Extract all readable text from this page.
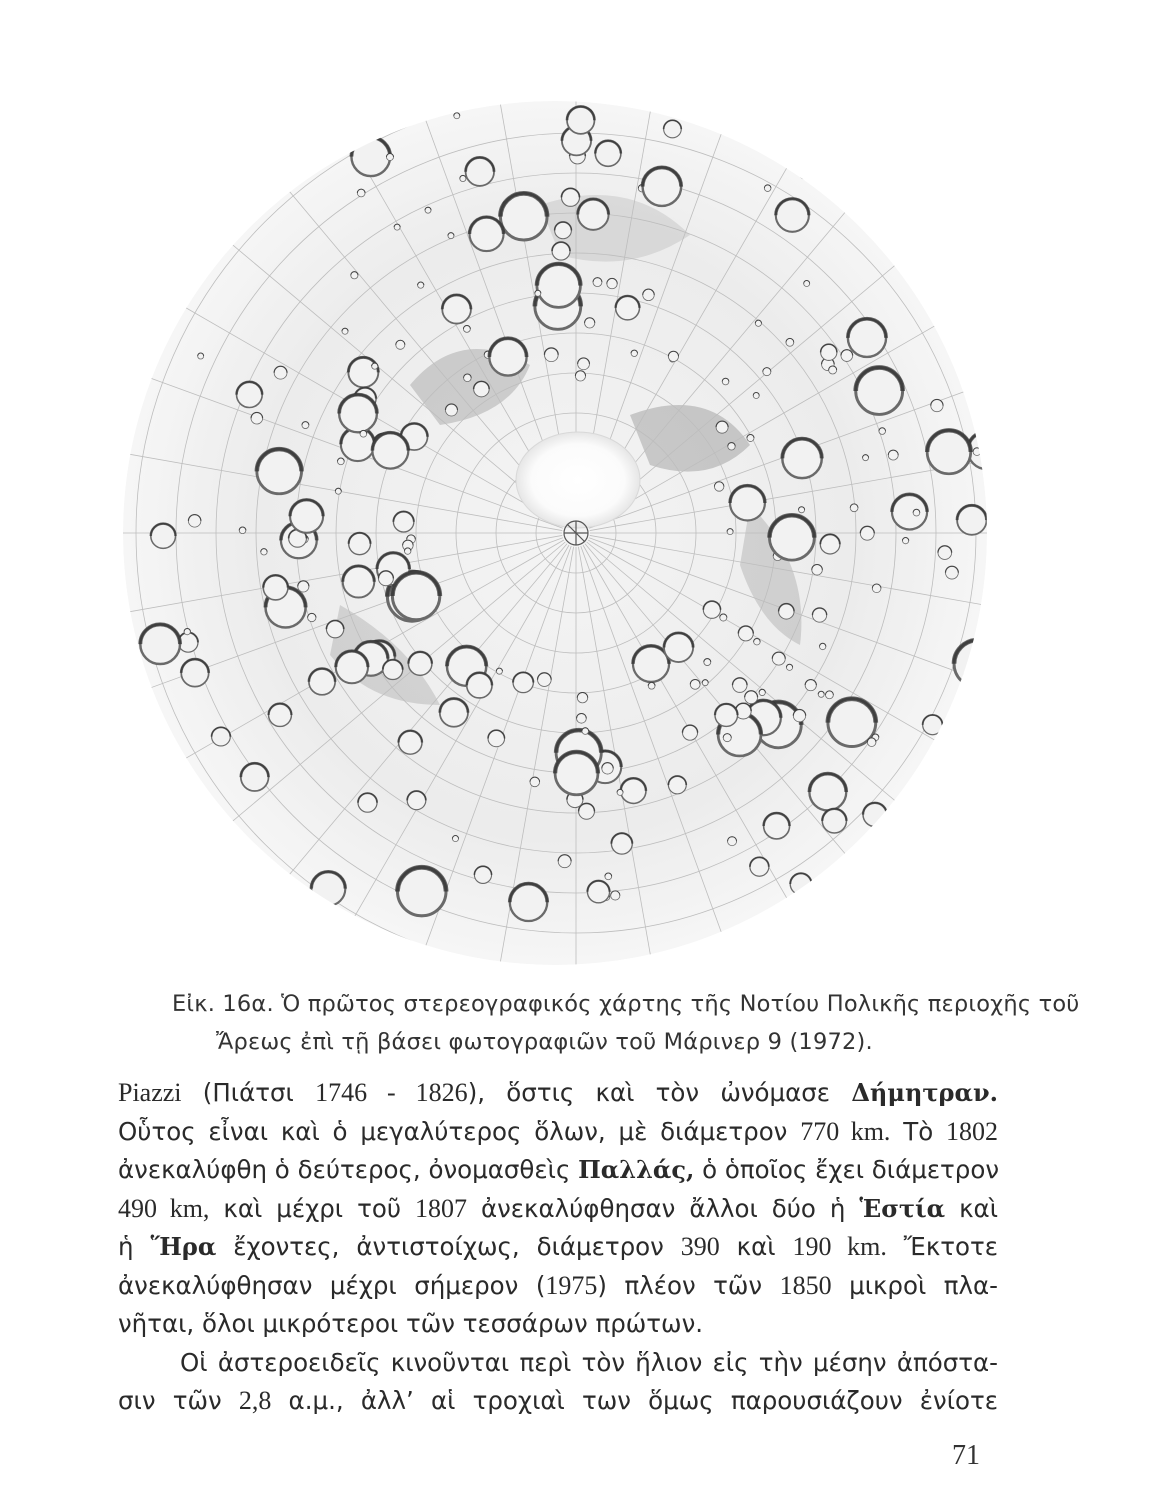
Εἰκ. 16α. Ὁ πρῶτος στερεογραφικός χάρτης τῆς Νοτίου Πολικῆς περιοχῆς τοῦ
Ἄρεως ἐπὶ τῇ βάσει φωτογραφιῶν τοῦ Μάρινερ 9 (1972).
Piazzi (Πιάτσι 1746 - 1826), ὅστις καὶ τὸν ὠνόμασε Δήμητραν.
Οὗτος εἶναι καὶ ὁ μεγαλύτερος ὅλων, μὲ διάμετρον 770 km. Τὸ 1802
ἀνεκαλύφθη ὁ δεύτερος, ὀνομασθεὶς Παλλάς, ὁ ὁποῖος ἔχει διάμετρον
490 km, καὶ μέχρι τοῦ 1807 ἀνεκαλύφθησαν ἄλλοι δύο ἡ Ἑστία καὶ
ἡ Ἥρα ἔχοντες, ἀντιστοίχως, διάμετρον 390 καὶ 190 km. Ἔκτοτε
ἀνεκαλύφθησαν μέχρι σήμερον (1975) πλέον τῶν 1850 μικροὶ πλα-
νῆται, ὅλοι μικρότεροι τῶν τεσσάρων πρώτων.
Οἱ ἀστεροειδεῖς κινοῦνται περὶ τὸν ἥλιον εἰς τὴν μέσην ἀπόστα-
σιν τῶν 2,8 α.μ., ἀλλ’ αἱ τροχιαὶ των ὅμως παρουσιάζουν ἐνίοτε
71
